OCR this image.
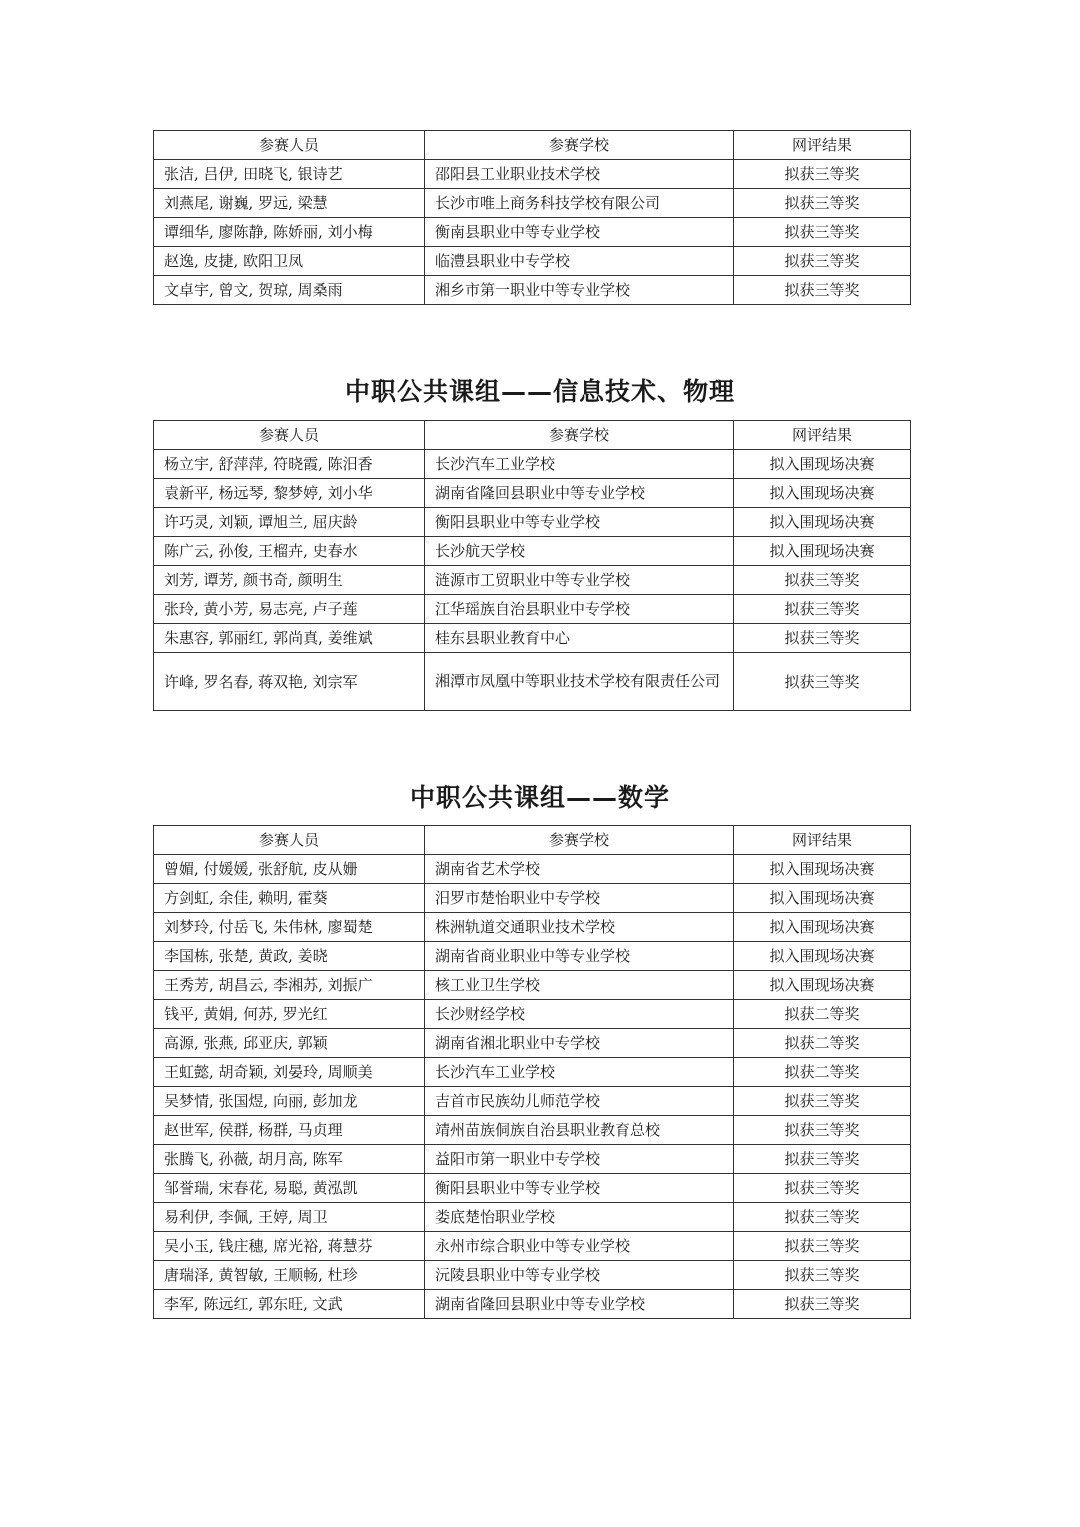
参赛人员	参赛学校	网评结果
张洁, 吕伊, 田晓飞, 银诗艺	邵阳县工业职业技术学校	拟获三等奖
刘燕尾, 谢巍, 罗远, 梁慧	长沙市唯上商务科技学校有限公司	拟获三等奖
谭细华, 廖陈静, 陈娇丽, 刘小梅	衡南县职业中等专业学校	拟获三等奖
赵逸, 皮捷, 欧阳卫凤	临澧县职业中专学校	拟获三等奖
文卓宇, 曾文, 贺琼, 周桑雨	湘乡市第一职业中等专业学校	拟获三等奖
中职公共课组——信息技术、物理
参赛人员	参赛学校	网评结果
杨立宇, 舒萍萍, 符晓霞, 陈汨香	长沙汽车工业学校	拟入围现场决赛
袁新平, 杨远琴, 黎梦婷, 刘小华	湖南省隆回县职业中等专业学校	拟入围现场决赛
许巧灵, 刘颖, 谭旭兰, 屈庆龄	衡阳县职业中等专业学校	拟入围现场决赛
陈广云, 孙俊, 王榴卉, 史春水	长沙航天学校	拟入围现场决赛
刘芳, 谭芳, 颜书奇, 颜明生	涟源市工贸职业中等专业学校	拟获三等奖
张玲, 黄小芳, 易志亮, 卢子莲	江华瑶族自治县职业中专学校	拟获三等奖
朱惠容, 郭丽红, 郭尚真, 姜维斌	桂东县职业教育中心	拟获三等奖
许峰, 罗名春, 蒋双艳, 刘宗军	湘潭市凤凰中等职业技术学校有限责任公司	拟获三等奖
中职公共课组——数学
参赛人员	参赛学校	网评结果
曾媚, 付媛媛, 张舒航, 皮从姗	湖南省艺术学校	拟入围现场决赛
方剑虹, 余佳, 赖明, 霍葵	汨罗市楚怡职业中专学校	拟入围现场决赛
刘梦玲, 付岳飞, 朱伟林, 廖蜀楚	株洲轨道交通职业技术学校	拟入围现场决赛
李国栋, 张楚, 黄政, 姜晓	湖南省商业职业中等专业学校	拟入围现场决赛
王秀芳, 胡昌云, 李湘苏, 刘振广	核工业卫生学校	拟入围现场决赛
钱平, 黄娟, 何苏, 罗光红	长沙财经学校	拟获二等奖
高源, 张燕, 邱亚庆, 郭颖	湖南省湘北职业中专学校	拟获二等奖
王虹懿, 胡奇颖, 刘晏玲, 周顺美	长沙汽车工业学校	拟获二等奖
吴梦情, 张国煜, 向丽, 彭加龙	吉首市民族幼儿师范学校	拟获三等奖
赵世军, 侯群, 杨群, 马贞理	靖州苗族侗族自治县职业教育总校	拟获三等奖
张腾飞, 孙薇, 胡月高, 陈军	益阳市第一职业中专学校	拟获三等奖
邹誉瑞, 宋春花, 易聪, 黄泓凯	衡阳县职业中等专业学校	拟获三等奖
易利伊, 李佩, 王婷, 周卫	娄底楚怡职业学校	拟获三等奖
吴小玉, 钱庄穗, 席光裕, 蒋慧芬	永州市综合职业中等专业学校	拟获三等奖
唐瑞泽, 黄智敏, 王顺畅, 杜珍	沅陵县职业中等专业学校	拟获三等奖
李军, 陈远红, 郭东旺, 文武	湖南省隆回县职业中等专业学校	拟获三等奖
